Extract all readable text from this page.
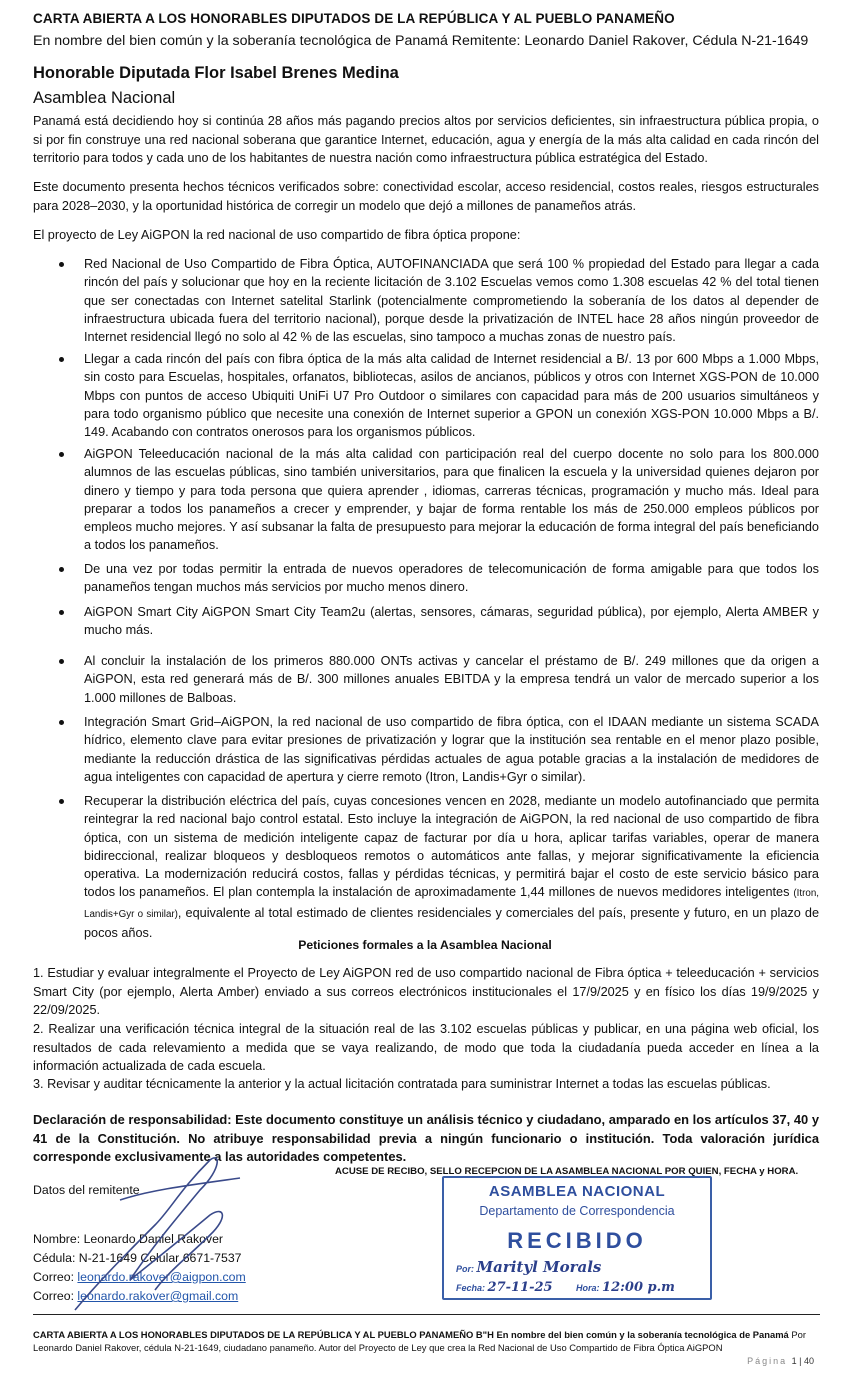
CARTA ABIERTA A LOS HONORABLES DIPUTADOS DE LA REPÚBLICA Y AL PUEBLO PANAMEÑO
En nombre del bien común y la soberanía tecnológica de Panamá Remitente: Leonardo Daniel Rakover, Cédula N-21-1649
Honorable Diputada Flor Isabel Brenes Medina
Asamblea Nacional
Panamá está decidiendo hoy si continúa 28 años más pagando precios altos por servicios deficientes, sin infraestructura pública propia, o si por fin construye una red nacional soberana que garantice Internet, educación, agua y energía de la más alta calidad en cada rincón del territorio para todos y cada uno de los habitantes de nuestra nación como infraestructura pública estratégica del Estado.
Este documento presenta hechos técnicos verificados sobre: conectividad escolar, acceso residencial, costos reales, riesgos estructurales para 2028–2030, y la oportunidad histórica de corregir un modelo que dejó a millones de panameños atrás.
El proyecto de Ley AiGPON la red nacional de uso compartido de fibra óptica propone:

Red Nacional de Uso Compartido de Fibra Óptica, AUTOFINANCIADA que será 100 % propiedad del Estado para llegar a cada rincón del país y solucionar que hoy en la reciente licitación de 3.102 Escuelas vemos como 1.308 escuelas 42 % del total tienen que ser conectadas con Internet satelital Starlink (potencialmente comprometiendo la soberanía de los datos al depender de infraestructura ubicada fuera del territorio nacional), porque desde la privatización de INTEL hace 28 años ningún proveedor de Internet residencial llegó no solo al 42 % de las escuelas, sino tampoco a muchas zonas de nuestro país.

Llegar a cada rincón del país con fibra óptica de la más alta calidad de Internet residencial a B/. 13 por 600 Mbps a 1.000 Mbps, sin costo para Escuelas, hospitales, orfanatos, bibliotecas, asilos de ancianos, públicos y otros con Internet XGS-PON de 10.000 Mbps con puntos de acceso Ubiquiti UniFi U7 Pro Outdoor o similares con capacidad para más de 200 usuarios simultáneos y para todo organismo público que necesite una conexión de Internet superior a GPON un conexión XGS-PON 10.000 Mbps a B/. 149. Acabando con contratos onerosos para los organismos públicos.

AiGPON Teleeducación nacional de la más alta calidad con participación real del cuerpo docente no solo para los 800.000 alumnos de las escuelas públicas, sino también universitarios, para que finalicen la escuela y la universidad quienes dejaron por dinero y tiempo y para toda persona que quiera aprender , idiomas, carreras técnicas, programación y mucho más. Ideal para preparar a todos los panameños a crecer y emprender, y bajar de forma rentable los más de 250.000 empleos públicos por empleos mucho mejores. Y así subsanar la falta de presupuesto para mejorar la educación de forma integral del país beneficiando a todos los panameños.

De una vez por todas permitir la entrada de nuevos operadores de telecomunicación de forma amigable para que todos los panameños tengan muchos más servicios por mucho menos dinero.

AiGPON Smart City AiGPON Smart City Team2u (alertas, sensores, cámaras, seguridad pública), por ejemplo, Alerta AMBER y mucho más.

Al concluir la instalación de los primeros 880.000 ONTs activas y cancelar el préstamo de B/. 249 millones que da origen a AiGPON, esta red generará más de B/. 300 millones anuales EBITDA y la empresa tendrá un valor de mercado superior a los 1.000 millones de Balboas.

Integración Smart Grid–AiGPON, la red nacional de uso compartido de fibra óptica, con el IDAAN mediante un sistema SCADA hídrico, elemento clave para evitar presiones de privatización y lograr que la institución sea rentable en el menor plazo posible, mediante la reducción drástica de las significativas pérdidas actuales de agua potable gracias a la instalación de medidores de agua inteligentes con capacidad de apertura y cierre remoto (Itron, Landis+Gyr o similar).

Recuperar la distribución eléctrica del país, cuyas concesiones vencen en 2028, mediante un modelo autofinanciado que permita reintegrar la red nacional bajo control estatal. Esto incluye la integración de AiGPON, la red nacional de uso compartido de fibra óptica, con un sistema de medición inteligente capaz de facturar por día u hora, aplicar tarifas variables, operar de manera bidireccional, realizar bloqueos y desbloqueos remotos o automáticos ante fallas, y mejorar significativamente la eficiencia operativa. La modernización reducirá costos, fallas y pérdidas técnicas, y permitirá bajar el costo de este servicio básico para todos los panameños. El plan contempla la instalación de aproximadamente 1,44 millones de nuevos medidores inteligentes (Itron, Landis+Gyr o similar), equivalente al total estimado de clientes residenciales y comerciales del país, presente y futuro, en un plazo de pocos años.

Peticiones formales a la Asamblea Nacional
1. Estudiar y evaluar integralmente el Proyecto de Ley AiGPON red de uso compartido nacional de Fibra óptica + teleeducación + servicios Smart City (por ejemplo, Alerta Amber) enviado a sus correos electrónicos institucionales el 17/9/2025 y en físico los días 19/9/2025 y 22/09/2025.
2. Realizar una verificación técnica integral de la situación real de las 3.102 escuelas públicas y publicar, en una página web oficial, los resultados de cada relevamiento a medida que se vaya realizando, de modo que toda la ciudadanía pueda acceder en línea a la información actualizada de cada escuela.
3. Revisar y auditar técnicamente la anterior y la actual licitación contratada para suministrar Internet a todas las escuelas públicas.
Declaración de responsabilidad: Este documento constituye un análisis técnico y ciudadano, amparado en los artículos 37, 40 y 41 de la Constitución. No atribuye responsabilidad previa a ningún funcionario o institución. Toda valoración jurídica corresponde exclusivamente a las autoridades competentes.
ACUSE DE RECIBO, SELLO RECEPCION DE LA ASAMBLEA NACIONAL POR QUIEN, FECHA y HORA.
Datos del remitente
Nombre: Leonardo Daniel Rakover
Cédula: N-21-1649 Celular 6671-7537
Correo: leonardo.rakover@aigpon.com
Correo: leonardo.rakover@gmail.com
ASAMBLEA NACIONAL
Departamento de Correspondencia
RECIBIDO
Por: Marityl Morals
Fecha: 27-11-25	Hora: 12:00 p.m
CARTA ABIERTA A LOS HONORABLES DIPUTADOS DE LA REPÚBLICA Y AL PUEBLO PANAMEÑO B"H En nombre del bien común y la soberanía tecnológica de Panamá Por Leonardo Daniel Rakover, cédula N-21-1649, ciudadano panameño. Autor del Proyecto de Ley que crea la Red Nacional de Uso Compartido de Fibra Óptica AiGPON
Página 1 | 40
